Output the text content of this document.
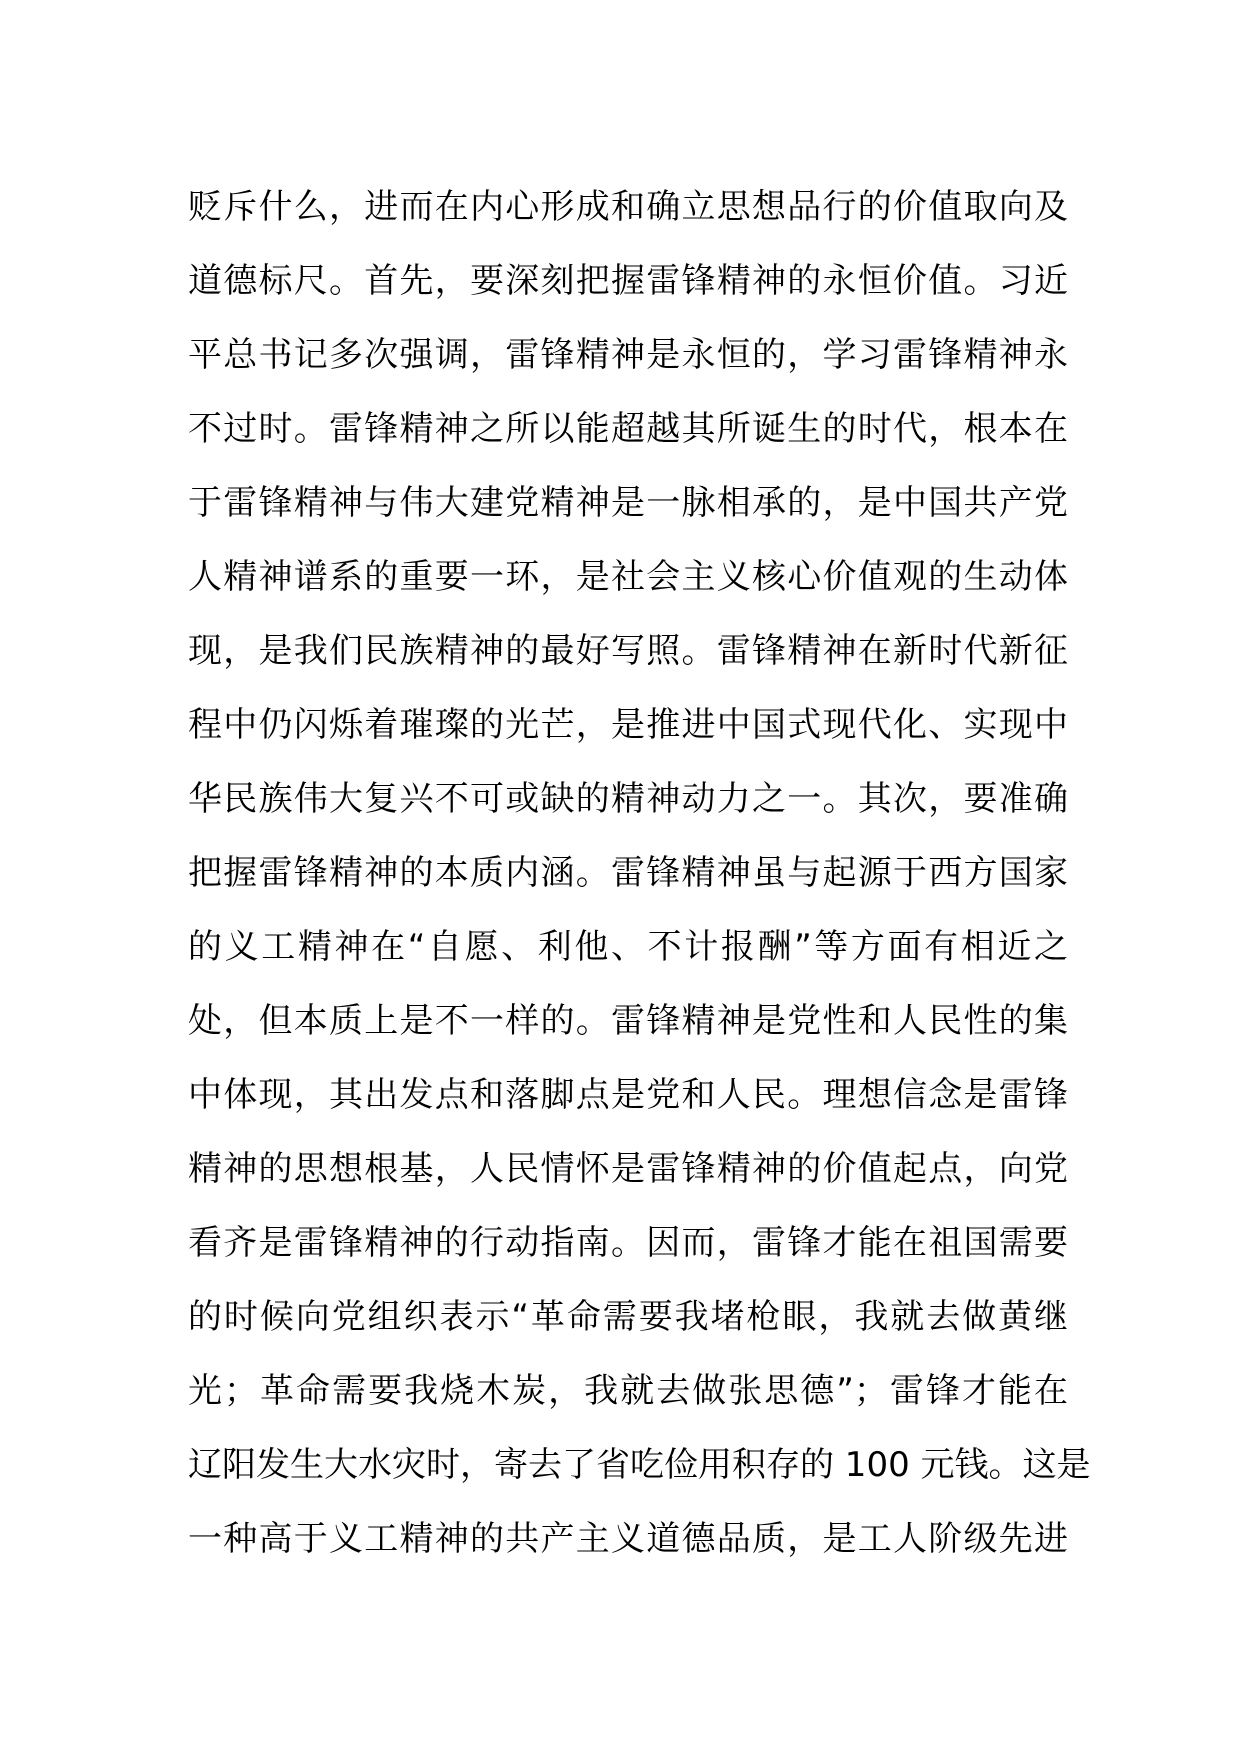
贬斥什么，进而在内心形成和确立思想品行的价值取向及
道德标尺。首先，要深刻把握雷锋精神的永恒价值。习近
平总书记多次强调，雷锋精神是永恒的，学习雷锋精神永
不过时。雷锋精神之所以能超越其所诞生的时代，根本在
于雷锋精神与伟大建党精神是一脉相承的，是中国共产党
人精神谱系的重要一环，是社会主义核心价值观的生动体
现，是我们民族精神的最好写照。雷锋精神在新时代新征
程中仍闪烁着璀璨的光芒，是推进中国式现代化、实现中
华民族伟大复兴不可或缺的精神动力之一。其次，要准确
把握雷锋精神的本质内涵。雷锋精神虽与起源于西方国家
的义工精神在“自愿、利他、不计报酬”等方面有相近之
处，但本质上是不一样的。雷锋精神是党性和人民性的集
中体现，其出发点和落脚点是党和人民。理想信念是雷锋
精神的思想根基，人民情怀是雷锋精神的价值起点，向党
看齐是雷锋精神的行动指南。因而，雷锋才能在祖国需要
的时候向党组织表示“革命需要我堵枪眼，我就去做黄继
光；革命需要我烧木炭，我就去做张思德”；雷锋才能在
辽阳发生大水灾时，寄去了省吃俭用积存的 100 元钱。这是
一种高于义工精神的共产主义道德品质，是工人阶级先进
